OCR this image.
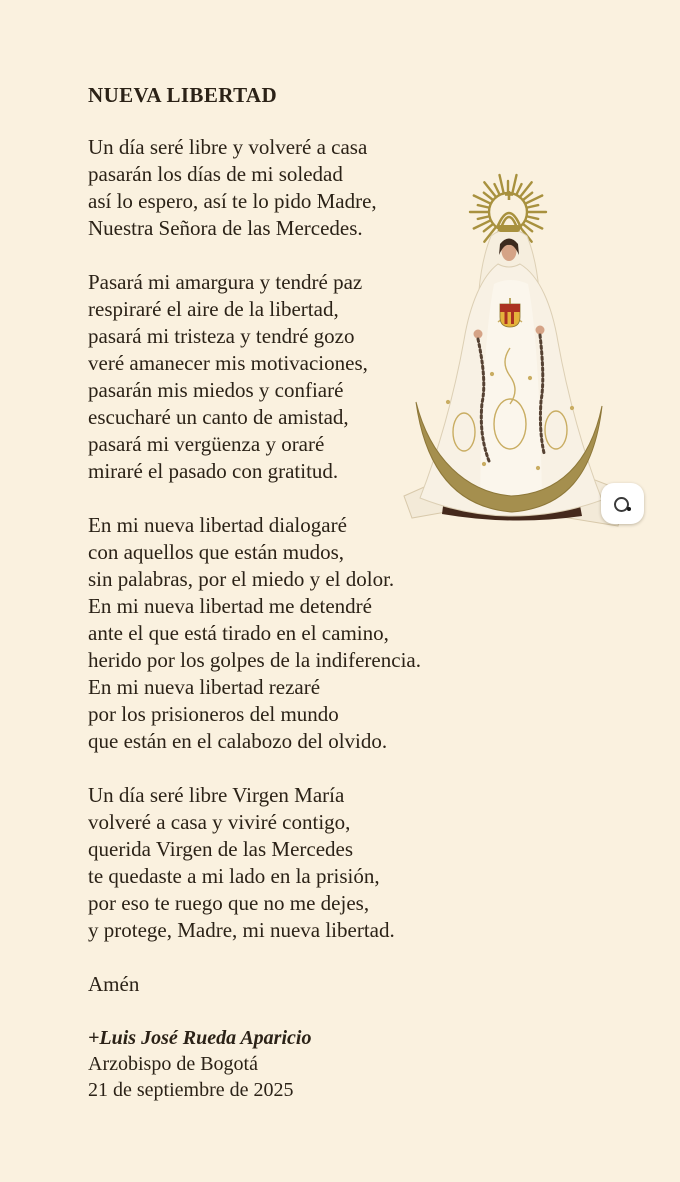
NUEVA LIBERTAD
Un día seré libre y volveré a casa
pasarán los días de mi soledad
así lo espero, así te lo pido Madre,
Nuestra Señora de las Mercedes.
Pasará mi amargura y tendré paz
respiraré el aire de la libertad,
pasará mi tristeza y tendré gozo
veré amanecer mis motivaciones,
pasarán mis miedos y confiaré
escucharé un canto de amistad,
pasará mi vergüenza y oraré
miraré el pasado con gratitud.
En mi nueva libertad dialogaré
con aquellos que están mudos,
sin palabras, por el miedo y el dolor.
En mi nueva libertad me detendré
ante el que está tirado en el camino,
herido por los golpes de la indiferencia.
En mi nueva libertad rezaré
por los prisioneros del mundo
que están en el calabozo del olvido.
Un día seré libre Virgen María
volveré a casa y viviré contigo,
querida Virgen de las Mercedes
te quedaste a mi lado en la prisión,
por eso te ruego que no me dejes,
y protege, Madre, mi nueva libertad.
Amén
+Luis José Rueda Aparicio
Arzobispo de Bogotá
21 de septiembre de 2025
